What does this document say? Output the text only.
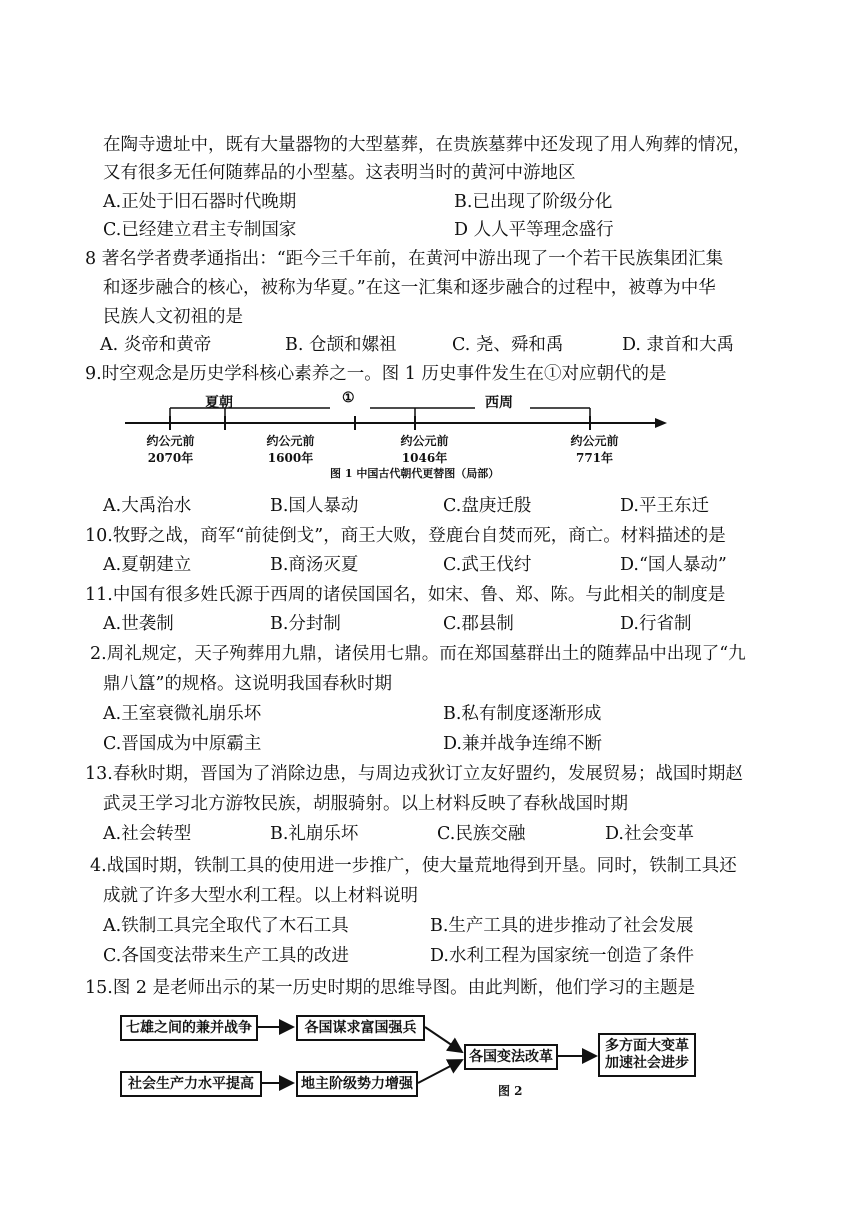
在陶寺遗址中，既有大量器物的大型墓葬，在贵族墓葬中还发现了用人殉葬的情况，
又有很多无任何随葬品的小型墓。这表明当时的黄河中游地区
A.正处于旧石器时代晚期	B.已出现了阶级分化
C.已经建立君主专制国家	D 人人平等理念盛行
8 著名学者费孝通指出：“距今三千年前，在黄河中游出现了一个若干民族集团汇集
和逐步融合的核心，被称为华夏。”在这一汇集和逐步融合的过程中，被尊为中华
民族人文初祖的是
A. 炎帝和黄帝	B. 仓颉和嫘祖	C. 尧、舜和禹	D. 隶首和大禹
9.时空观念是历史学科核心素养之一。图 1 历史事件发生在①对应朝代的是
夏朝	①	西周
约公元前
2070年
约公元前
1600年
约公元前
1046年
约公元前
771年
图 1 中国古代朝代更替图（局部）
A.大禹治水	B.国人暴动	C.盘庚迁殷	D.平王东迁
10.牧野之战，商军“前徒倒戈”，商王大败，登鹿台自焚而死，商亡。材料描述的是
A.夏朝建立	B.商汤灭夏	C.武王伐纣	D.“国人暴动”
11.中国有很多姓氏源于西周的诸侯国国名，如宋、鲁、郑、陈。与此相关的制度是
A.世袭制	B.分封制	C.郡县制	D.行省制
2.周礼规定，天子殉葬用九鼎，诸侯用七鼎。而在郑国墓群出土的随葬品中出现了“九
鼎八簋”的规格。这说明我国春秋时期
A.王室衰微礼崩乐坏	B.私有制度逐渐形成
C.晋国成为中原霸主	D.兼并战争连绵不断
13.春秋时期，晋国为了消除边患，与周边戎狄订立友好盟约，发展贸易；战国时期赵
武灵王学习北方游牧民族，胡服骑射。以上材料反映了春秋战国时期
A.社会转型	B.礼崩乐坏	C.民族交融	D.社会变革
4.战国时期，铁制工具的使用进一步推广，使大量荒地得到开垦。同时，铁制工具还
成就了许多大型水利工程。以上材料说明
A.铁制工具完全取代了木石工具	B.生产工具的进步推动了社会发展
C.各国变法带来生产工具的改进	D.水利工程为国家统一创造了条件
15.图 2 是老师出示的某一历史时期的思维导图。由此判断，他们学习的主题是
七雄之间的兼并战争	各国谋求富国强兵
社会生产力水平提高	地主阶级势力增强
各国变法改革
多方面大变革
加速社会进步
图 2
